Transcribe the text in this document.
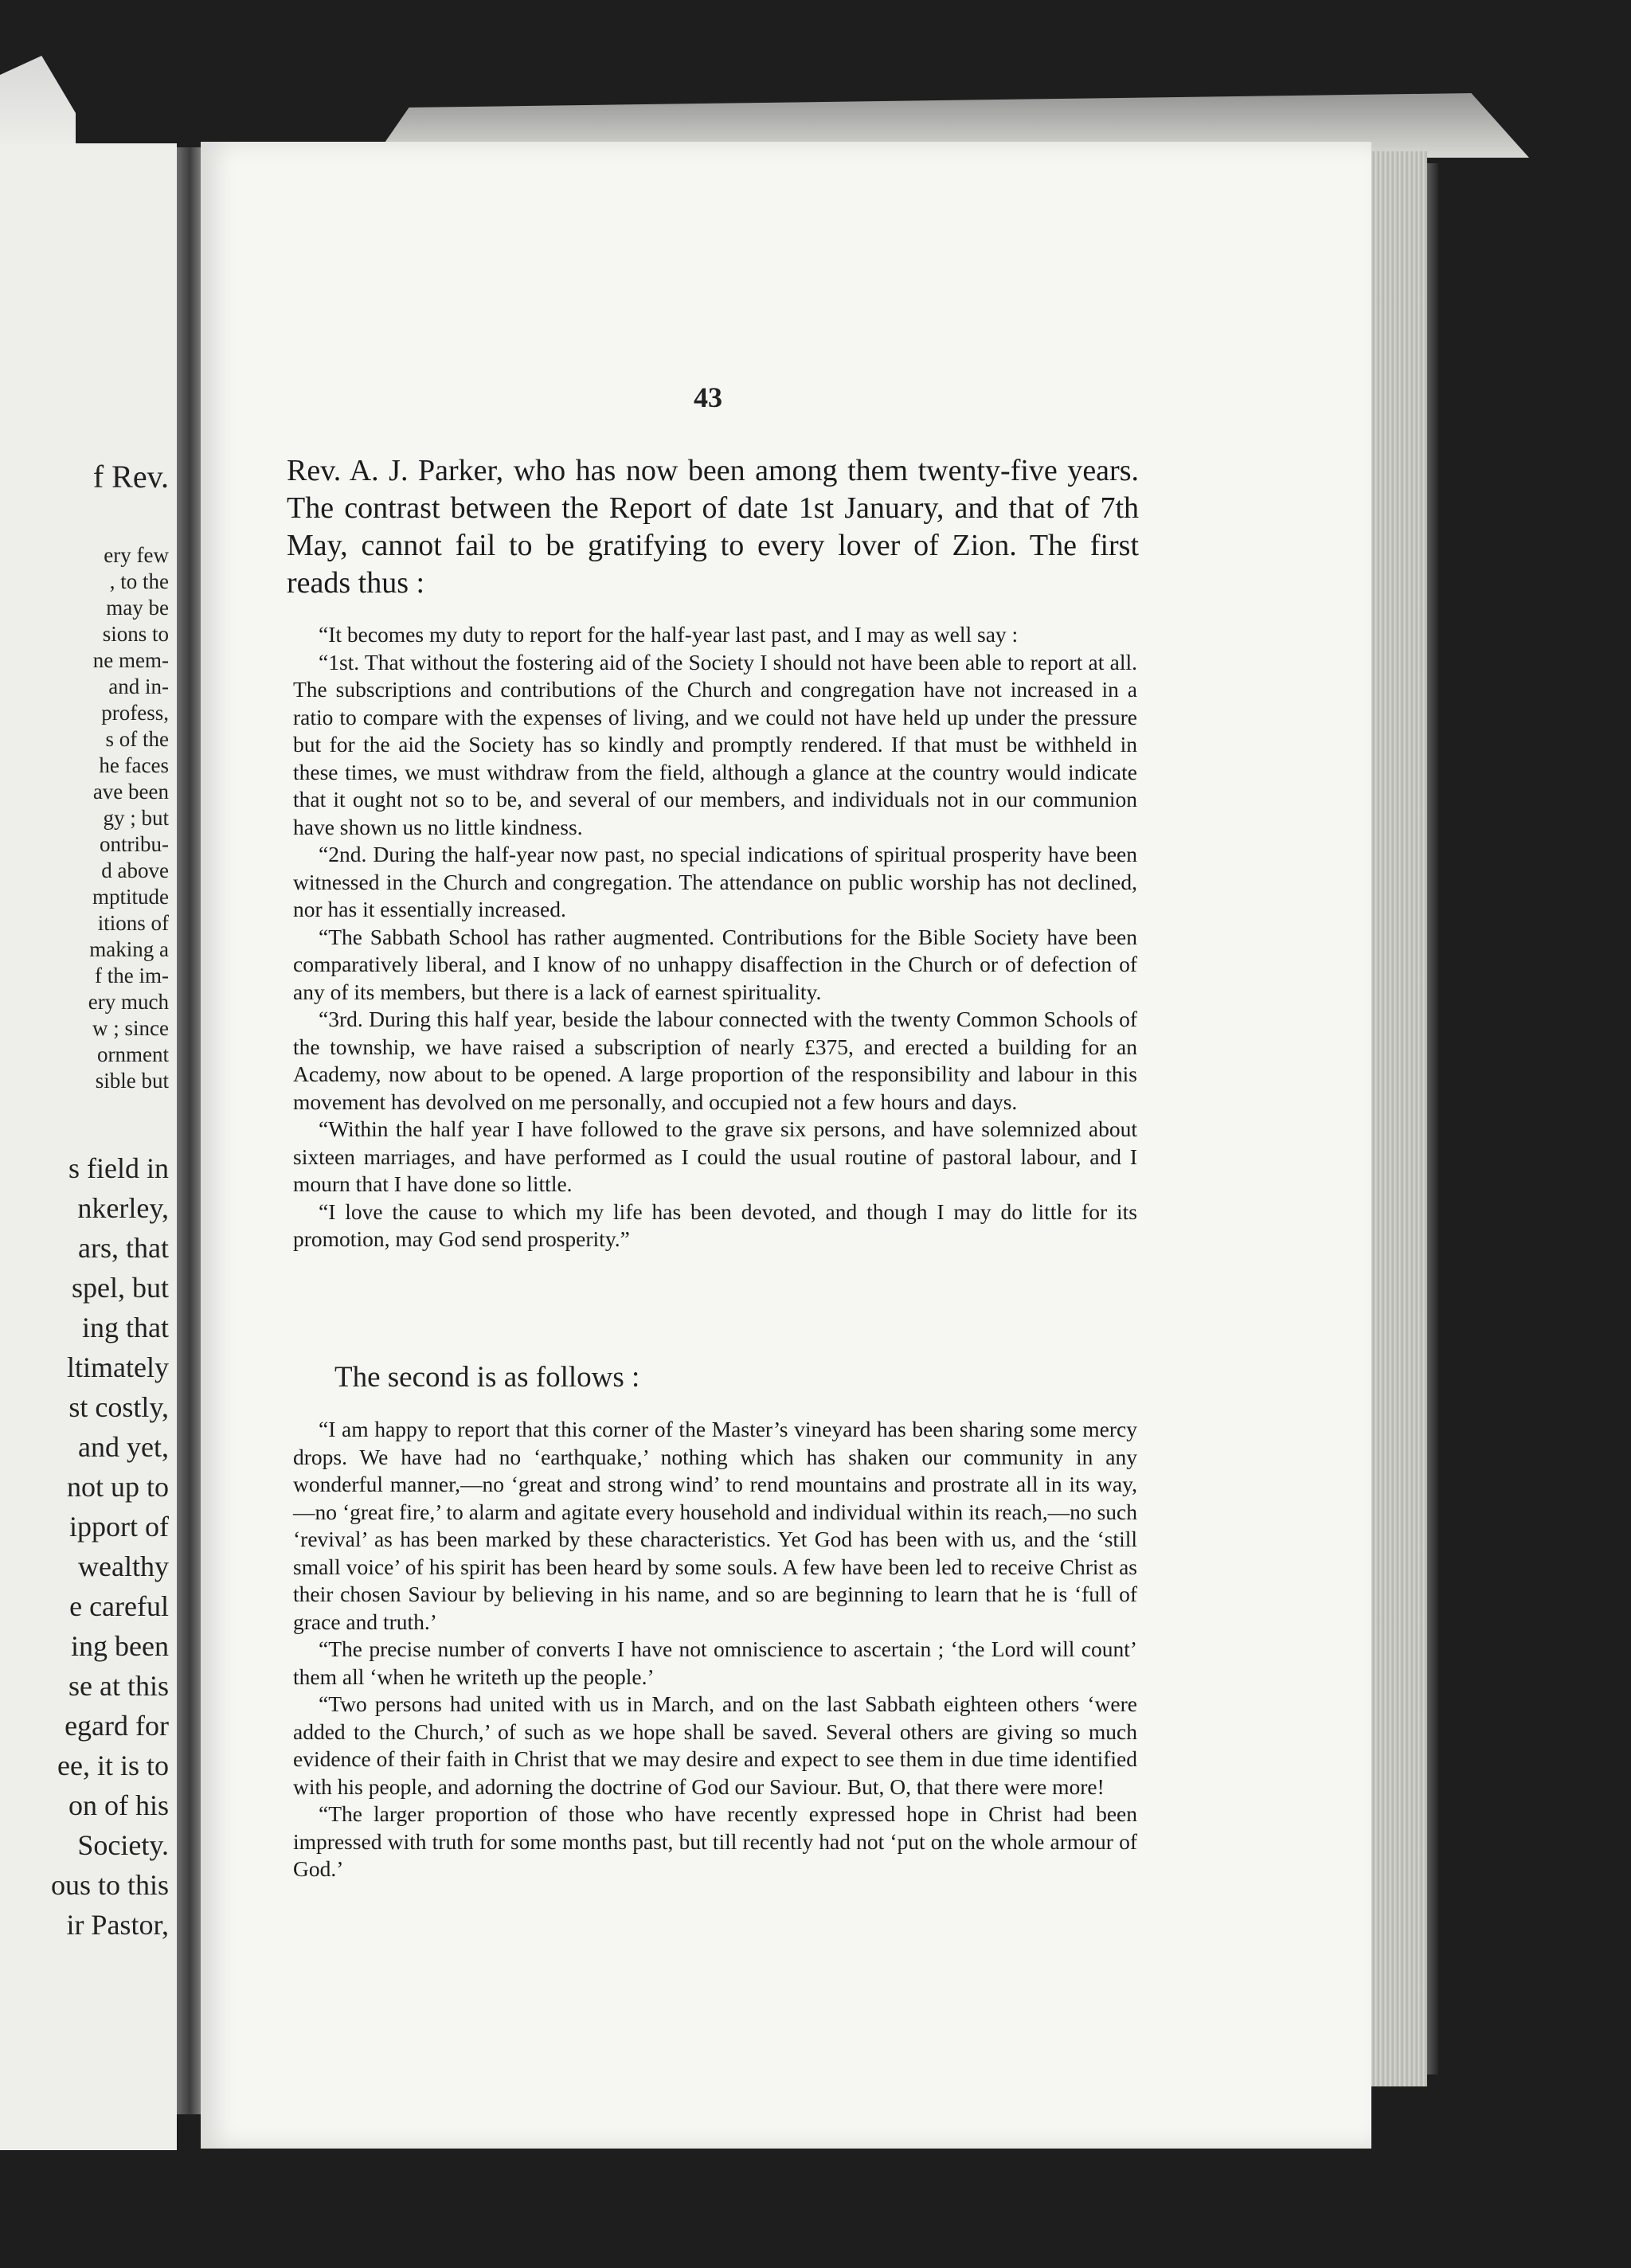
f Rev.
ery few
, to the
may be
sions to
ne mem-
and in-
profess,
s of the
he faces
ave been
gy ; but
ontribu-
d above
mptitude
itions of
making a
f the im-
ery much
w ; since
ornment
sible but
s field in
nkerley,
ars, that
spel, but
ing that
ltimately
st costly,
and yet,
not up to
ipport of
wealthy
e careful
ing been
se at this
egard for
ee, it is to
on of his
Society.
ous to this
ir Pastor,
43

Rev. A. J. Parker, who has now been among them twenty-five years. The contrast between the Report of date 1st January, and that of 7th May, cannot fail to be gratifying to every lover of Zion. The first reads thus :

“It becomes my duty to report for the half-year last past, and I may as well say :

“1st. That without the fostering aid of the Society I should not have been able to report at all. The subscriptions and contributions of the Church and congregation have not increased in a ratio to compare with the expenses of living, and we could not have held up under the pressure but for the aid the Society has so kindly and promptly rendered. If that must be withheld in these times, we must withdraw from the field, although a glance at the country would indicate that it ought not so to be, and several of our members, and individuals not in our communion have shown us no little kindness.

“2nd. During the half-year now past, no special indications of spiritual prosperity have been witnessed in the Church and congregation. The attendance on public worship has not declined, nor has it essentially increased.

“The Sabbath School has rather augmented. Contributions for the Bible Society have been comparatively liberal, and I know of no unhappy disaffection in the Church or of defection of any of its members, but there is a lack of earnest spirituality.

“3rd. During this half year, beside the labour connected with the twenty Common Schools of the township, we have raised a subscription of nearly £375, and erected a building for an Academy, now about to be opened. A large proportion of the responsibility and labour in this movement has devolved on me personally, and occupied not a few hours and days.

“Within the half year I have followed to the grave six persons, and have solemnized about sixteen marriages, and have performed as I could the usual routine of pastoral labour, and I mourn that I have done so little.

“I love the cause to which my life has been devoted, and though I may do little for its promotion, may God send prosperity.”

The second is as follows :

“I am happy to report that this corner of the Master’s vineyard has been sharing some mercy drops. We have had no ‘earthquake,’ nothing which has shaken our community in any wonderful manner,—no ‘great and strong wind’ to rend mountains and prostrate all in its way,—no ‘great fire,’ to alarm and agitate every household and individual within its reach,—no such ‘revival’ as has been marked by these characteristics. Yet God has been with us, and the ‘still small voice’ of his spirit has been heard by some souls. A few have been led to receive Christ as their chosen Saviour by believing in his name, and so are beginning to learn that he is ‘full of grace and truth.’

“The precise number of converts I have not omniscience to ascertain ; ‘the Lord will count’ them all ‘when he writeth up the people.’

“Two persons had united with us in March, and on the last Sabbath eighteen others ‘were added to the Church,’ of such as we hope shall be saved. Several others are giving so much evidence of their faith in Christ that we may desire and expect to see them in due time identified with his people, and adorning the doctrine of God our Saviour. But, O, that there were more!

“The larger proportion of those who have recently expressed hope in Christ had been impressed with truth for some months past, but till recently had not ‘put on the whole armour of God.’
